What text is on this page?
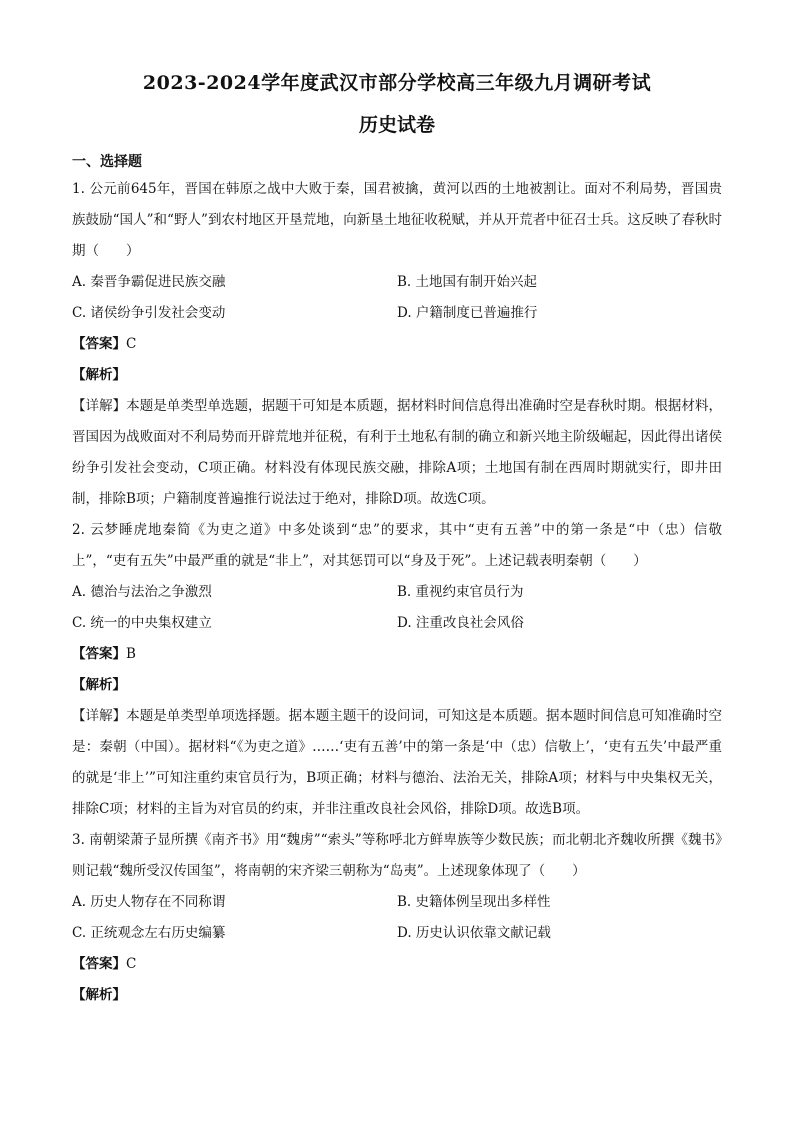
2023-2024学年度武汉市部分学校高三年级九月调研考试
历史试卷
一、选择题

1. 公元前645年，晋国在韩原之战中大败于秦，国君被擒，黄河以西的土地被割让。面对不利局势，晋国贵族鼓励“国人”和“野人”到农村地区开垦荒地，向新垦土地征收税赋，并从开荒者中征召士兵。这反映了春秋时期（　　）

A. 秦晋争霸促进民族交融	B. 土地国有制开始兴起
C. 诸侯纷争引发社会变动	D. 户籍制度已普遍推行
【答案】C
【解析】

【详解】本题是单类型单选题，据题干可知是本质题，据材料时间信息得出准确时空是春秋时期。根据材料，晋国因为战败面对不利局势而开辟荒地并征税，有利于土地私有制的确立和新兴地主阶级崛起，因此得出诸侯纷争引发社会变动，C项正确。材料没有体现民族交融，排除A项；土地国有制在西周时期就实行，即井田制，排除B项；户籍制度普遍推行说法过于绝对，排除D项。故选C项。

2. 云梦睡虎地秦简《为吏之道》中多处谈到“忠”的要求，其中“吏有五善”中的第一条是“中（忠）信敬上”，“吏有五失”中最严重的就是“非上”，对其惩罚可以“身及于死”。上述记载表明秦朝（　　）

A. 德治与法治之争激烈	B. 重视约束官员行为
C. 统一的中央集权建立	D. 注重改良社会风俗
【答案】B
【解析】

【详解】本题是单类型单项选择题。据本题主题干的设问词，可知这是本质题。据本题时间信息可知准确时空是：秦朝（中国）。据材料“《为吏之道》……‘吏有五善’中的第一条是‘中（忠）信敬上’，‘吏有五失’中最严重的就是‘非上’”可知注重约束官员行为，B项正确；材料与德治、法治无关，排除A项；材料与中央集权无关，排除C项；材料的主旨为对官员的约束，并非注重改良社会风俗，排除D项。故选B项。

3. 南朝梁萧子显所撰《南齐书》用“魏虏”“索头”等称呼北方鲜卑族等少数民族；而北朝北齐魏收所撰《魏书》则记载“魏所受汉传国玺”，将南朝的宋齐梁三朝称为“岛夷”。上述现象体现了（　　）

A. 历史人物存在不同称谓	B. 史籍体例呈现出多样性
C. 正统观念左右历史编纂	D. 历史认识依靠文献记载
【答案】C
【解析】
